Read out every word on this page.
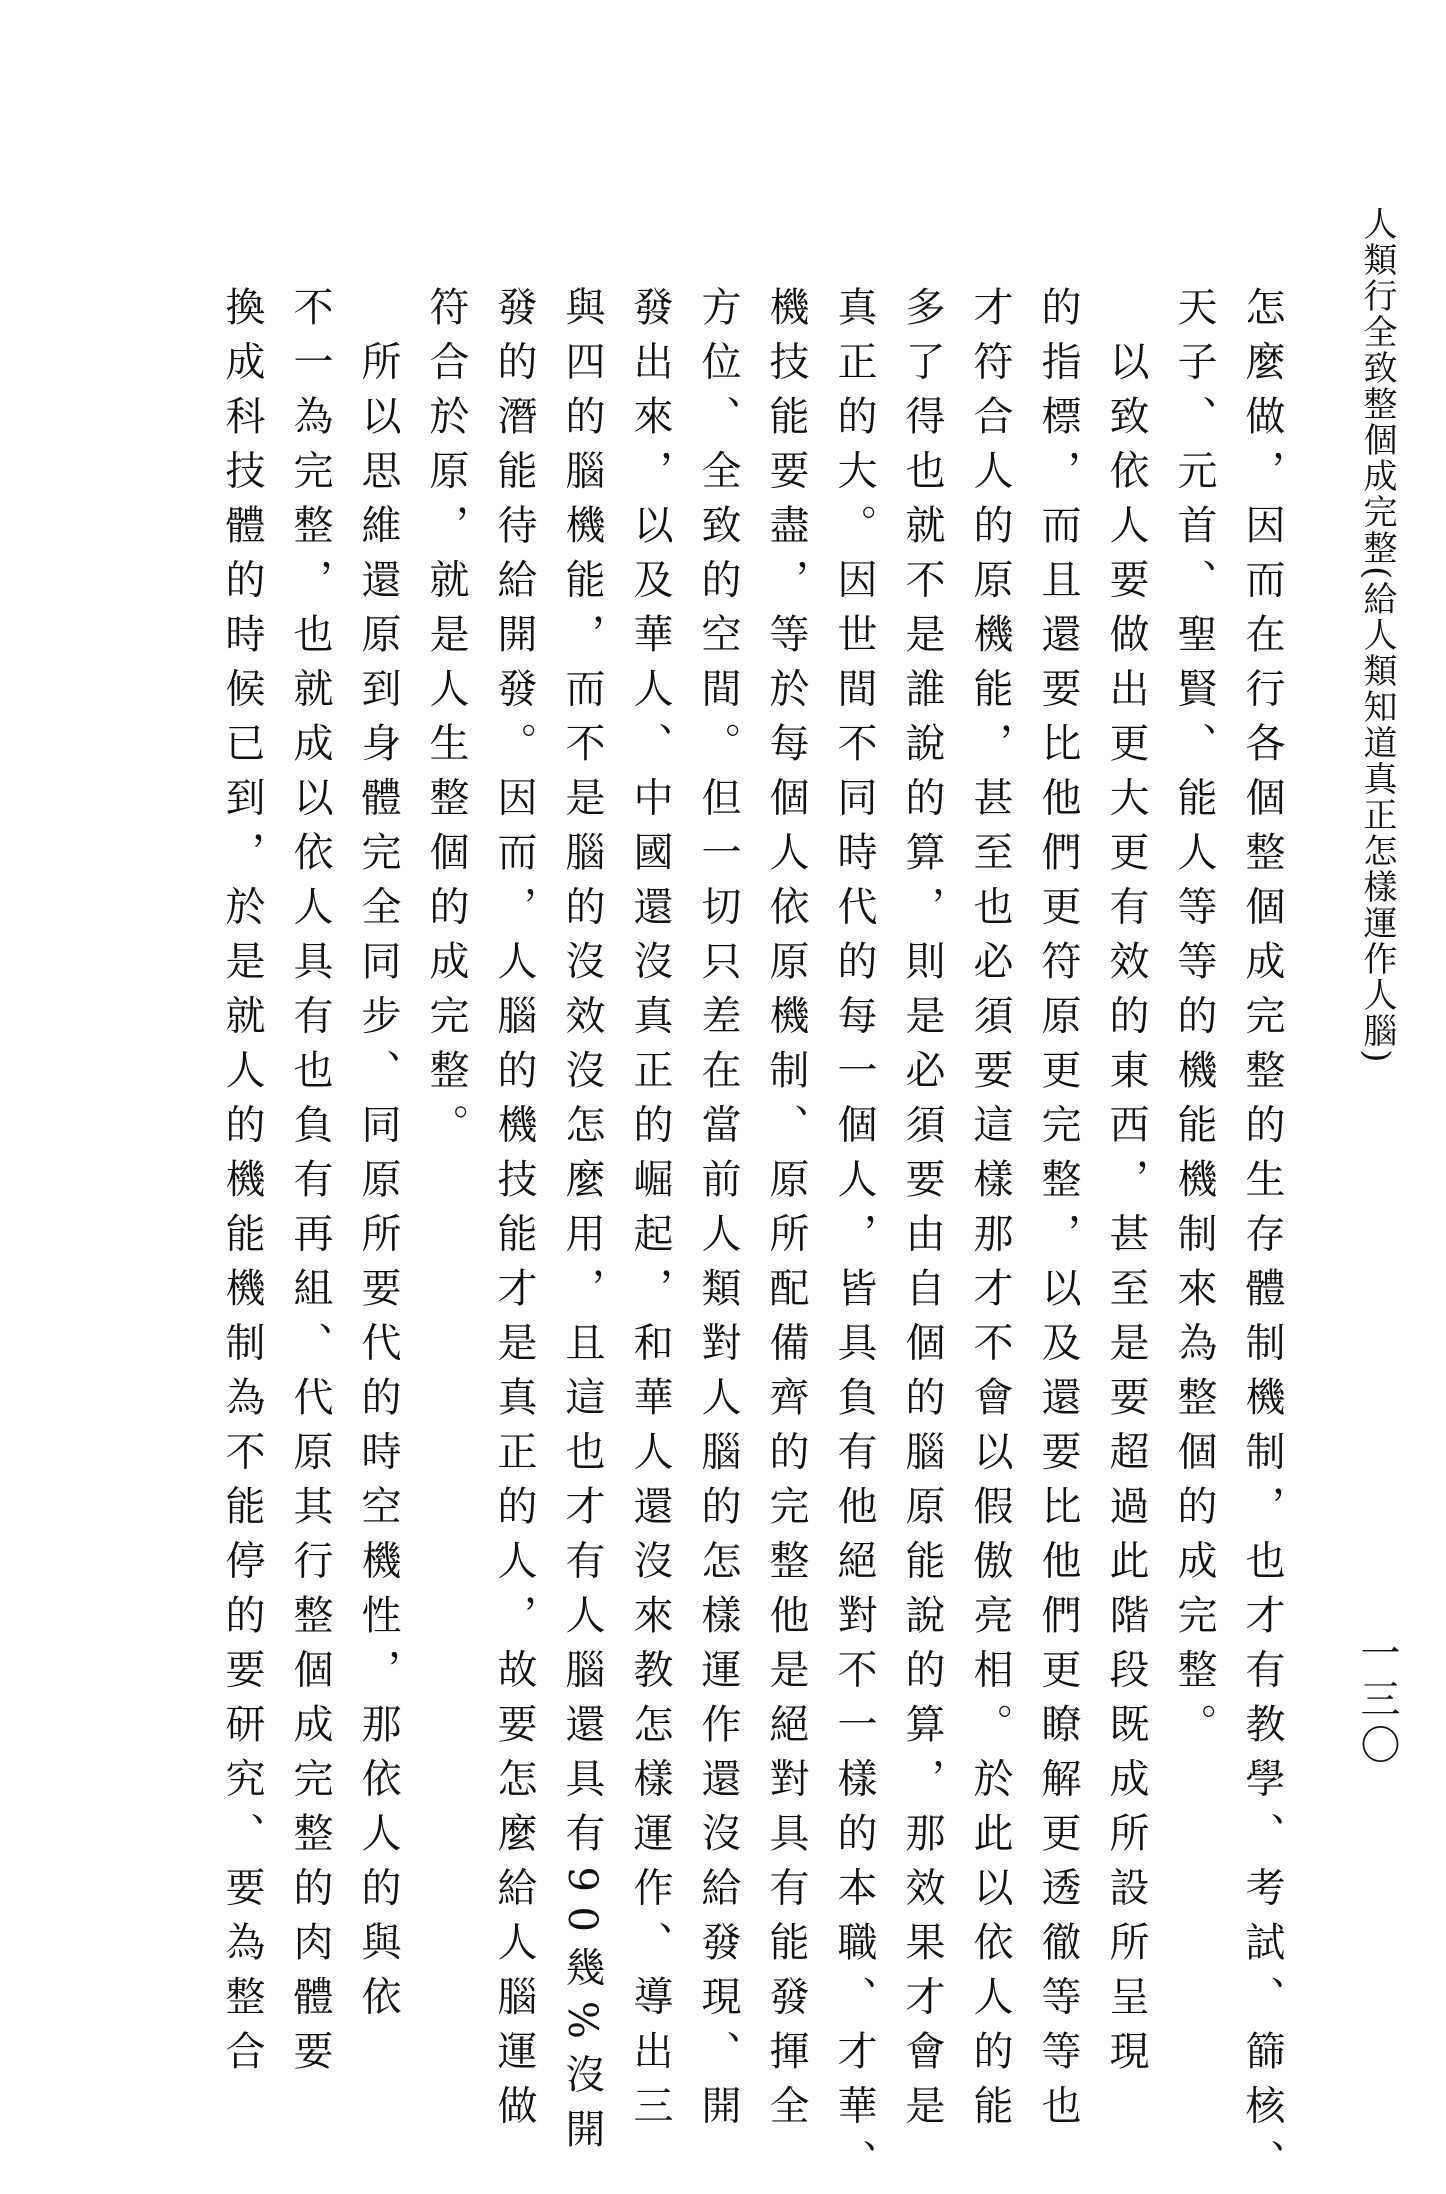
人類行全致整個成完整(給人類知道真正怎樣運作人腦)
一三〇
怎麼做，因而在行各個整個成完整的生存體制機制，也才有教學、考試、篩核、
天子、元首、聖賢、能人等等的機能機制來為整個的成完整。
　以致依人要做出更大更有效的東西，甚至是要超過此階段既成所設所呈現
的指標，而且還要比他們更符原更完整，以及還要比他們更瞭解更透徹等等也
才符合人的原機能，甚至也必須要這樣那才不會以假傲亮相。於此以依人的能
多了得也就不是誰說的算，則是必須要由自個的腦原能說的算，那效果才會是
真正的大。因世間不同時代的每一個人，皆具負有他絕對不一樣的本職、才華、
機技能要盡，等於每個人依原機制、原所配備齊的完整他是絕對具有能發揮全
方位、全致的空間。但一切只差在當前人類對人腦的怎樣運作還沒給發現、開
發出來，以及華人、中國還沒真正的崛起，和華人還沒來教怎樣運作、導出三
與四的腦機能，而不是腦的沒效沒怎麼用，且這也才有人腦還具有90幾%沒開
發的潛能待給開發。因而，人腦的機技能才是真正的人，故要怎麼給人腦運做
符合於原，就是人生整個的成完整。
　所以思維還原到身體完全同步、同原所要代的時空機性，那依人的與依
不一為完整，也就成以依人具有也負有再組、代原其行整個成完整的肉體要
換成科技體的時候已到，於是就人的機能機制為不能停的要研究、要為整合
